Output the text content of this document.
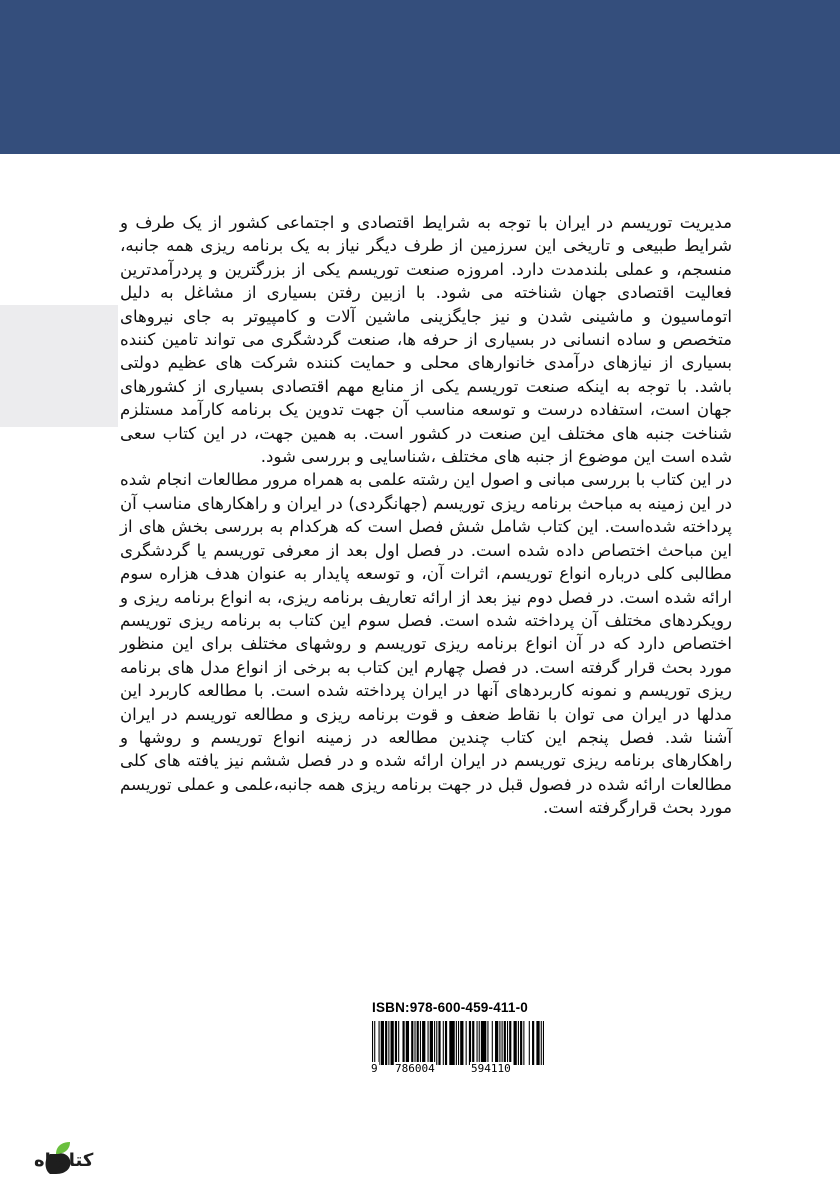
مدیریت توریسم در ایران با توجه به شرایط اقتصادی و اجتماعی کشور از یک طرف و شرایط طبیعی و تاریخی این سرزمین از طرف دیگر نیاز به یک برنامه ریزی همه جانبه، منسجم، و عملی بلندمدت دارد. امروزه صنعت توریسم یکی از بزرگترین و پردرآمدترین فعالیت اقتصادی جهان شناخته می شود. با ازبین رفتن بسیاری از مشاغل به دلیل اتوماسیون و ماشینی شدن و نیز جایگزینی ماشین آلات و کامپیوتر به جای نیروهای متخصص و ساده انسانی در بسیاری از حرفه ها، صنعت گردشگری می تواند تامین کننده بسیاری از نیازهای درآمدی خانوارهای محلی و حمایت کننده شرکت های عظیم دولتی باشد. با توجه به اینکه صنعت توریسم یکی از منابع مهم اقتصادی بسیاری از کشورهای جهان است، استفاده درست و توسعه مناسب آن جهت تدوین یک برنامه کارآمد مستلزم شناخت جنبه های مختلف این صنعت در کشور است. به همین جهت، در این کتاب سعی شده است این موضوع از جنبه های مختلف ،شناسایی و بررسی شود.

در این کتاب با بررسی مبانی و اصول این رشته علمی به همراه مرور مطالعات انجام شده در این زمینه به مباحث برنامه ریزی توریسم (جهانگردی) در ایران و راهکارهای مناسب آن پرداخته شده‌است. این کتاب شامل شش فصل است که هرکدام به بررسی بخش های از این مباحث اختصاص داده شده است. در فصل اول بعد از معرفی توریسم یا گردشگری مطالبی کلی درباره انواع توریسم، اثرات آن، و توسعه پایدار به عنوان هدف هزاره سوم ارائه شده است. در فصل دوم نیز بعد از ارائه تعاریف برنامه ریزی، به انواع برنامه ریزی و رویکردهای مختلف آن پرداخته شده است. فصل سوم این کتاب به برنامه ریزی توریسم اختصاص دارد که در آن انواع برنامه ریزی توریسم و روشهای مختلف برای این منظور مورد بحث قرار گرفته است. در فصل چهارم این کتاب به برخی از انواع مدل های برنامه ریزی توریسم و نمونه کاربردهای آنها در ایران پرداخته شده است. با مطالعه کاربرد این مدلها در ایران می توان با نقاط ضعف و قوت برنامه ریزی و مطالعه توریسم در ایران آشنا شد. فصل پنجم این کتاب چندین مطالعه در زمینه انواع توریسم و روشها و راهکارهای برنامه ریزی توریسم در ایران ارائه شده و در فصل ششم نیز یافته های کلی مطالعات ارائه شده در فصول قبل در جهت برنامه ریزی همه جانبه،علمی و عملی توریسم مورد بحث قرارگرفته است.

ISBN:978-600-459-411-0
9 786004	594110
کتابراه
